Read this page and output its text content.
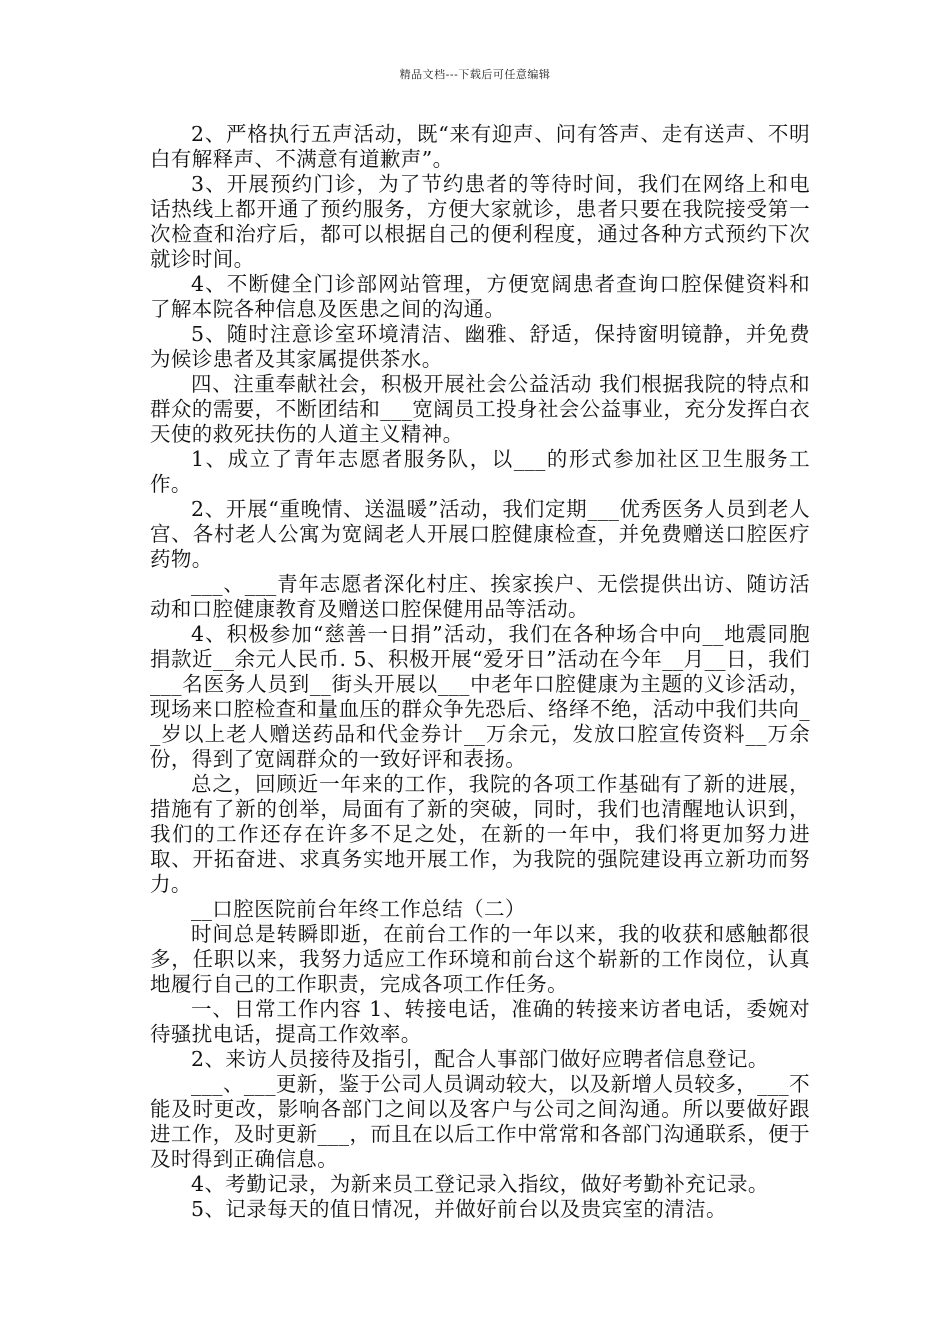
精品文档---下载后可任意编辑

2、严格执行五声活动，既“来有迎声、问有答声、走有送声、不明白有解释声、不满意有道歉声”。

3、开展预约门诊，为了节约患者的等待时间，我们在网络上和电话热线上都开通了预约服务，方便大家就诊，患者只要在我院接受第一次检查和治疗后，都可以根据自己的便利程度，通过各种方式预约下次就诊时间。

4、不断健全门诊部网站管理，方便宽阔患者查询口腔保健资料和了解本院各种信息及医患之间的沟通。

5、随时注意诊室环境清洁、幽雅、舒适，保持窗明镜静，并免费为候诊患者及其家属提供茶水。

四、注重奉献社会，积极开展社会公益活动 我们根据我院的特点和群众的需要，不断团结和___宽阔员工投身社会公益事业，充分发挥白衣天使的救死扶伤的人道主义精神。

1、成立了青年志愿者服务队，以___的形式参加社区卫生服务工作。

2、开展“重晚情、送温暖”活动，我们定期___优秀医务人员到老人宫、各村老人公寓为宽阔老人开展口腔健康检查，并免费赠送口腔医疗药物。

___、___青年志愿者深化村庄、挨家挨户、无偿提供出访、随访活动和口腔健康教育及赠送口腔保健用品等活动。

4、积极参加“慈善一日捐”活动，我们在各种场合中向__地震同胞捐款近__余元人民币. 5、积极开展“爱牙日”活动在今年__月__日，我们___名医务人员到__街头开展以___中老年口腔健康为主题的义诊活动，现场来口腔检查和量血压的群众争先恐后、络绎不绝，活动中我们共向__岁以上老人赠送药品和代金券计__万余元，发放口腔宣传资料__万余份，得到了宽阔群众的一致好评和表扬。

总之，回顾近一年来的工作，我院的各项工作基础有了新的进展，措施有了新的创举，局面有了新的突破，同时，我们也清醒地认识到，我们的工作还存在许多不足之处，在新的一年中，我们将更加努力进取、开拓奋进、求真务实地开展工作，为我院的强院建设再立新功而努力。

__口腔医院前台年终工作总结（二）

时间总是转瞬即逝，在前台工作的一年以来，我的收获和感触都很多，任职以来，我努力适应工作环境和前台这个崭新的工作岗位，认真地履行自己的工作职责，完成各项工作任务。

一、日常工作内容 1、转接电话，准确的转接来访者电话，委婉对待骚扰电话，提高工作效率。

2、来访人员接待及指引，配合人事部门做好应聘者信息登记。

___、___更新，鉴于公司人员调动较大，以及新增人员较多，___不能及时更改，影响各部门之间以及客户与公司之间沟通。所以要做好跟进工作，及时更新___，而且在以后工作中常常和各部门沟通联系，便于及时得到正确信息。

4、考勤记录，为新来员工登记录入指纹，做好考勤补充记录。

5、记录每天的值日情况，并做好前台以及贵宾室的清洁。
